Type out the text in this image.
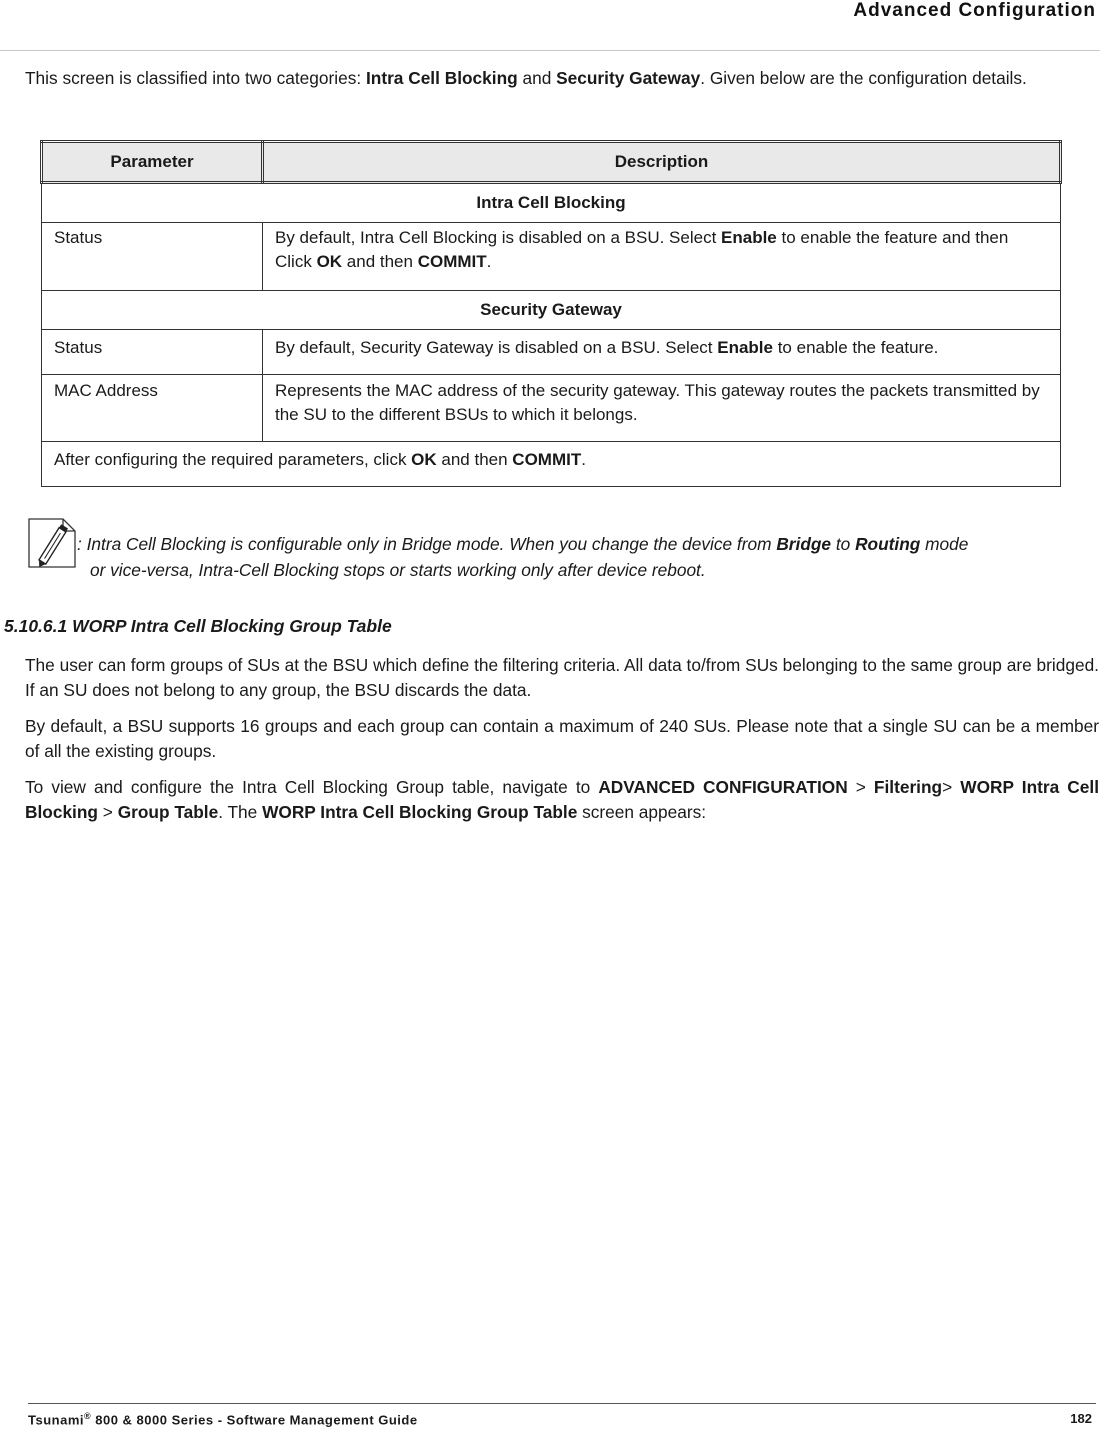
Advanced Configuration

This screen is classified into two categories: Intra Cell Blocking and Security Gateway. Given below are the configuration details.

Parameter	Description
Intra Cell Blocking	
Status	By default, Intra Cell Blocking is disabled on a BSU. Select Enable to enable the feature and then Click OK and then COMMIT.
Security Gateway	
Status	By default, Security Gateway is disabled on a BSU. Select Enable to enable the feature.
MAC Address	Represents the MAC address of the security gateway. This gateway routes the packets transmitted by the SU to the different BSUs to which it belongs.
After configuring the required parameters, click OK and then COMMIT.	
: Intra Cell Blocking is configurable only in Bridge mode. When you change the device from Bridge to Routing mode
or vice-versa, Intra-Cell Blocking stops or starts working only after device reboot.
5.10.6.1 WORP Intra Cell Blocking Group Table

The user can form groups of SUs at the BSU which define the filtering criteria. All data to/from SUs belonging to the same group are bridged. If an SU does not belong to any group, the BSU discards the data.

By default, a BSU supports 16 groups and each group can contain a maximum of 240 SUs. Please note that a single SU can be a member of all the existing groups.

To view and configure the Intra Cell Blocking Group table, navigate to ADVANCED CONFIGURATION > Filtering> WORP Intra Cell Blocking > Group Table. The WORP Intra Cell Blocking Group Table screen appears:

Tsunami® 800 & 8000 Series - Software Management Guide	182
